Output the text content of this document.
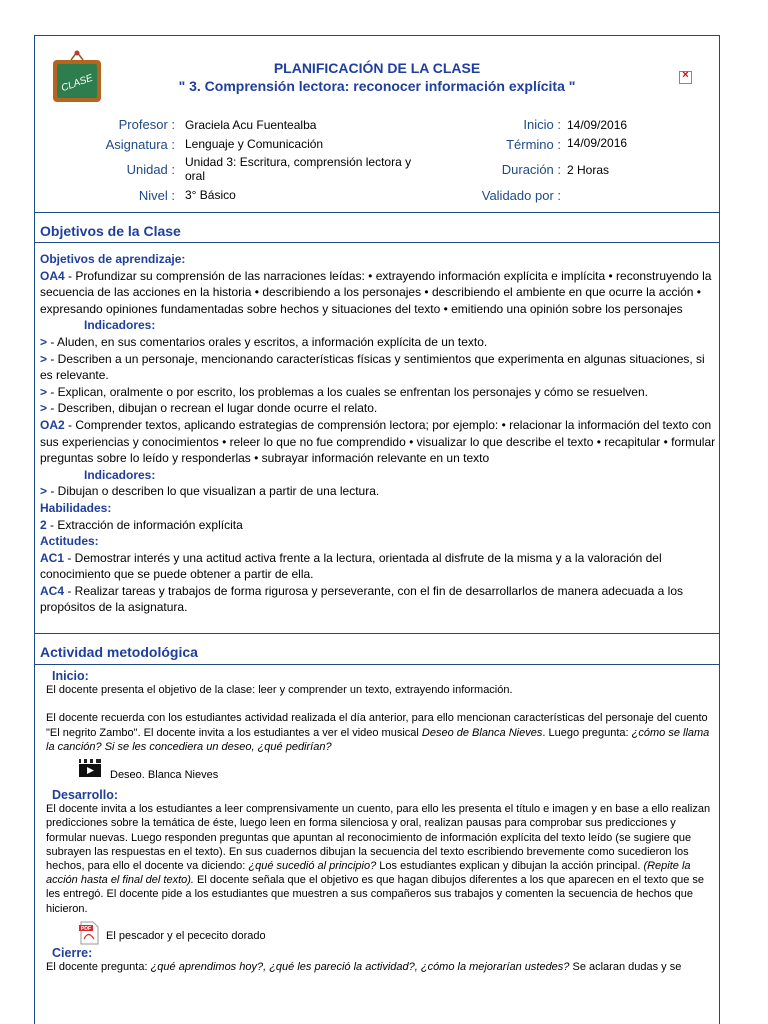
CLASE
PLANIFICACIÓN DE LA CLASE
" 3. Comprensión lectora: reconocer información explícita "
×
Profesor : Graciela Acu Fuentealba
Asignatura : Lenguaje y Comunicación
Unidad : Unidad 3: Escritura, comprensión lectora y
oral
Nivel : 3° Básico
Inicio : 14/09/2016
Término : 14/09/2016
Duración : 2 Horas
Validado por :
Objetivos de la Clase

Objetivos de aprendizaje:

OA4 - Profundizar su comprensión de las narraciones leídas: • extrayendo información explícita e implícita • reconstruyendo la secuencia de las acciones en la historia • describiendo a los personajes • describiendo el ambiente en que ocurre la acción • expresando opiniones fundamentadas sobre hechos y situaciones del texto • emitiendo una opinión sobre los personajes

Indicadores:

> - Aluden, en sus comentarios orales y escritos, a información explícita de un texto.

> - Describen a un personaje, mencionando características físicas y sentimientos que experimenta en algunas situaciones, si es relevante.

> - Explican, oralmente o por escrito, los problemas a los cuales se enfrentan los personajes y cómo se resuelven.

> - Describen, dibujan o recrean el lugar donde ocurre el relato.

OA2 - Comprender textos, aplicando estrategias de comprensión lectora; por ejemplo: • relacionar la información del texto con sus experiencias y conocimientos • releer lo que no fue comprendido • visualizar lo que describe el texto • recapitular • formular preguntas sobre lo leído y responderlas • subrayar información relevante en un texto

Indicadores:

> - Dibujan o describen lo que visualizan a partir de una lectura.

Habilidades:

2 - Extracción de información explícita

Actitudes:

AC1 - Demostrar interés y una actitud activa frente a la lectura, orientada al disfrute de la misma y a la valoración del conocimiento que se puede obtener a partir de ella.

AC4 - Realizar tareas y trabajos de forma rigurosa y perseverante, con el fin de desarrollarlos de manera adecuada a los propósitos de la asignatura.

Actividad metodológica

Inicio:

El docente presenta el objetivo de la clase: leer y comprender un texto, extrayendo información.

El docente recuerda con los estudiantes actividad realizada el día anterior, para ello mencionan características del personaje del cuento "El negrito Zambo". El docente invita a los estudiantes a ver el video musical Deseo de Blanca Nieves. Luego pregunta: ¿cómo se llama la canción? Si se les concediera un deseo, ¿qué pedirían?

Deseo. Blanca Nieves

Desarrollo:

El docente invita a los estudiantes a leer comprensivamente un cuento, para ello les presenta el título e imagen y en base a ello realizan predicciones sobre la temática de éste, luego leen en forma silenciosa y oral, realizan pausas para comprobar sus predicciones y formular nuevas. Luego responden preguntas que apuntan al reconocimiento de información explícita del texto leído (se sugiere que subrayen las respuestas en el texto). En sus cuadernos dibujan la secuencia del texto escribiendo brevemente como sucedieron los hechos, para ello el docente va diciendo: ¿qué sucedió al principio? Los estudiantes explican y dibujan la acción principal. (Repite la acción hasta el final del texto). El docente señala que el objetivo es que hagan dibujos diferentes a los que aparecen en el texto que se les entregó. El docente pide a los estudiantes que muestren a sus compañeros sus trabajos y comenten la secuencia de hechos que hicieron.

PDF
El pescador y el pececito dorado

Cierre:

El docente pregunta: ¿qué aprendimos hoy?, ¿qué les pareció la actividad?, ¿cómo la mejorarían ustedes? Se aclaran dudas y se
